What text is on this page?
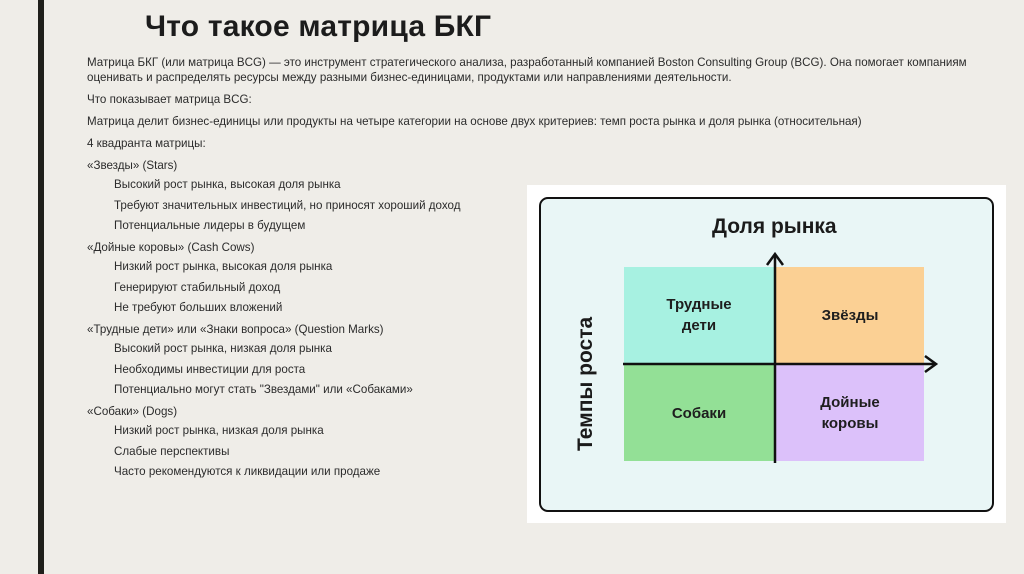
Что такое матрица БКГ

Матрица БКГ (или матрица BCG) — это инструмент стратегического анализа, разработанный компанией Boston Consulting Group (BCG). Она помогает компаниям оценивать и распределять ресурсы между разными бизнес-единицами, продуктами или направлениями деятельности.

Что показывает матрица BCG:

Матрица делит бизнес-единицы или продукты на четыре категории на основе двух критериев: темп роста рынка и доля рынка (относительная)

4 квадранта матрицы:

«Звезды» (Stars)

Высокий рост рынка, высокая доля рынка
Требуют значительных инвестиций, но приносят хороший доход
Потенциальные лидеры в будущем

«Дойные коровы» (Cash Cows)

Низкий рост рынка, высокая доля рынка
Генерируют стабильный доход
Не требуют больших вложений

«Трудные дети» или «Знаки вопроса» (Question Marks)

Высокий рост рынка, низкая доля рынка
Необходимы инвестиции для роста
Потенциально могут стать "Звездами" или «Собаками»

«Собаки» (Dogs)

Низкий рост рынка, низкая доля рынка
Слабые перспективы
Часто рекомендуются к ликвидации или продаже
Доля рынка
Темпы роста
Трудные
дети
Звёзды
Собаки
Дойные
коровы
